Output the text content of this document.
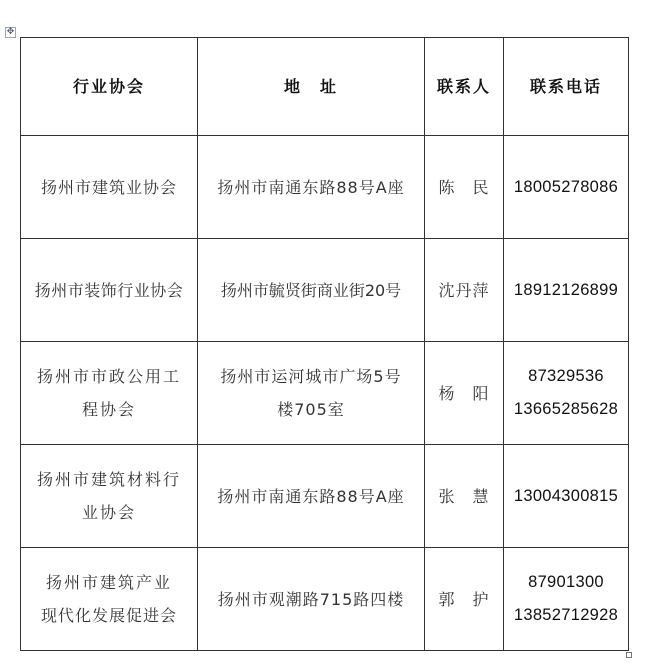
✥
行业协会	地　址	联系人	联系电话

扬州市建筑业协会	扬州市南通东路88号A座	陈　民	18005278086

扬州市装饰行业协会	扬州市毓贤街商业街20号	沈丹萍	18912126899

扬州市市政公用工
程协会	扬州市运河城市广场5号
楼705室	杨　阳	87329536
13665285628

扬州市建筑材料行
业协会	扬州市南通东路88号A座	张　慧	13004300815

扬州市建筑产业
现代化发展促进会	扬州市观潮路715路四楼	郭　护	87901300
13852712928
